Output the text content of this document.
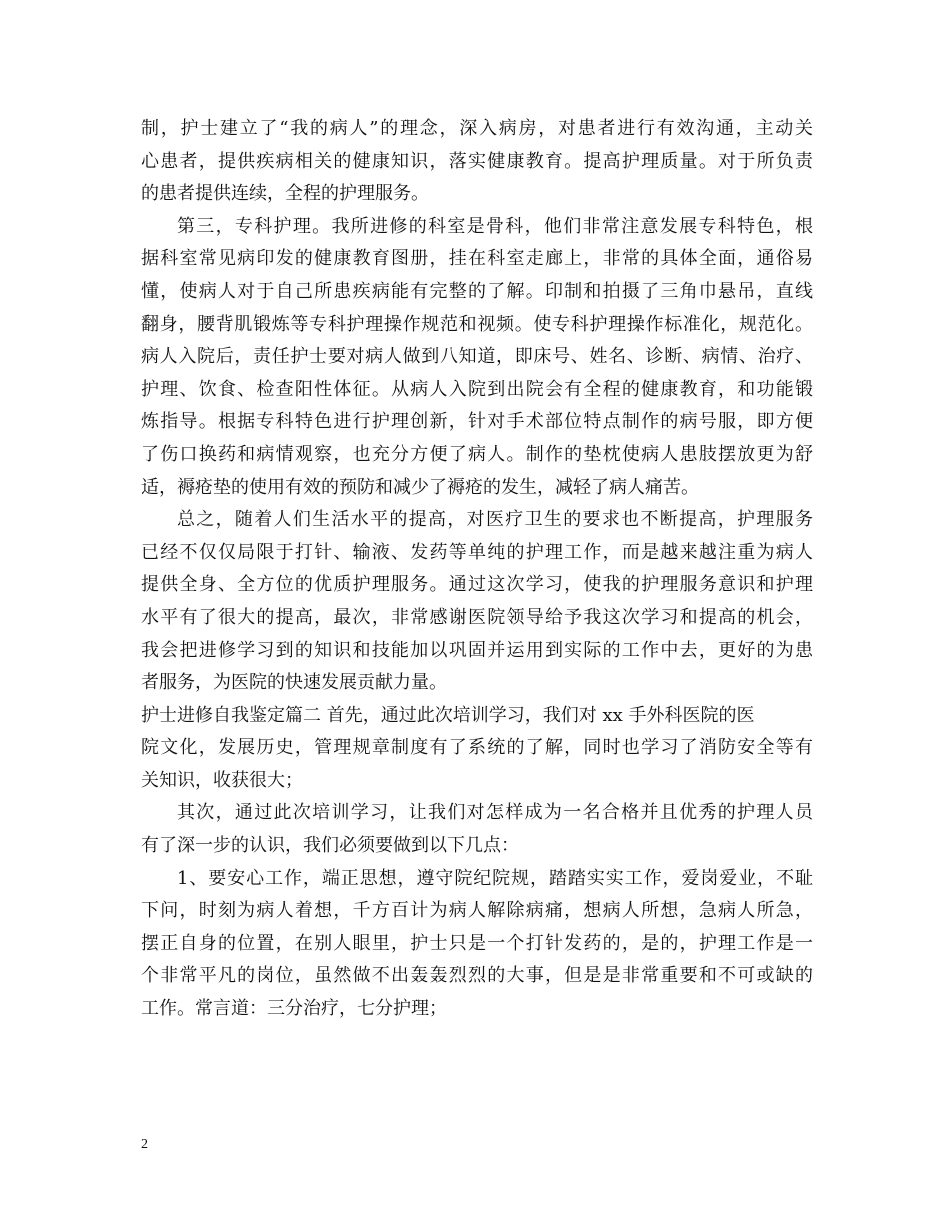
制，护士建立了“我的病人”的理念，深入病房，对患者进行有效沟通，主动关
心患者，提供疾病相关的健康知识，落实健康教育。提高护理质量。对于所负责
的患者提供连续，全程的护理服务。
第三，专科护理。我所进修的科室是骨科，他们非常注意发展专科特色，根
据科室常见病印发的健康教育图册，挂在科室走廊上，非常的具体全面，通俗易
懂，使病人对于自己所患疾病能有完整的了解。印制和拍摄了三角巾悬吊，直线
翻身，腰背肌锻炼等专科护理操作规范和视频。使专科护理操作标准化，规范化。
病人入院后，责任护士要对病人做到八知道，即床号、姓名、诊断、病情、治疗、
护理、饮食、检查阳性体征。从病人入院到出院会有全程的健康教育，和功能锻
炼指导。根据专科特色进行护理创新，针对手术部位特点制作的病号服，即方便
了伤口换药和病情观察，也充分方便了病人。制作的垫枕使病人患肢摆放更为舒
适，褥疮垫的使用有效的预防和减少了褥疮的发生，减轻了病人痛苦。
总之，随着人们生活水平的提高，对医疗卫生的要求也不断提高，护理服务
已经不仅仅局限于打针、输液、发药等单纯的护理工作，而是越来越注重为病人
提供全身、全方位的优质护理服务。通过这次学习，使我的护理服务意识和护理
水平有了很大的提高，最次，非常感谢医院领导给予我这次学习和提高的机会，
我会把进修学习到的知识和技能加以巩固并运用到实际的工作中去，更好的为患
者服务，为医院的快速发展贡献力量。
护士进修自我鉴定篇二 首先，通过此次培训学习，我们对 xx 手外科医院的医
院文化，发展历史，管理规章制度有了系统的了解，同时也学习了消防安全等有
关知识，收获很大；
其次，通过此次培训学习，让我们对怎样成为一名合格并且优秀的护理人员
有了深一步的认识，我们必须要做到以下几点：
1、要安心工作，端正思想，遵守院纪院规，踏踏实实工作，爱岗爱业，不耻
下问，时刻为病人着想，千方百计为病人解除病痛，想病人所想，急病人所急，
摆正自身的位置，在别人眼里，护士只是一个打针发药的，是的，护理工作是一
个非常平凡的岗位，虽然做不出轰轰烈烈的大事，但是是非常重要和不可或缺的
工作。常言道：三分治疗，七分护理；
2
